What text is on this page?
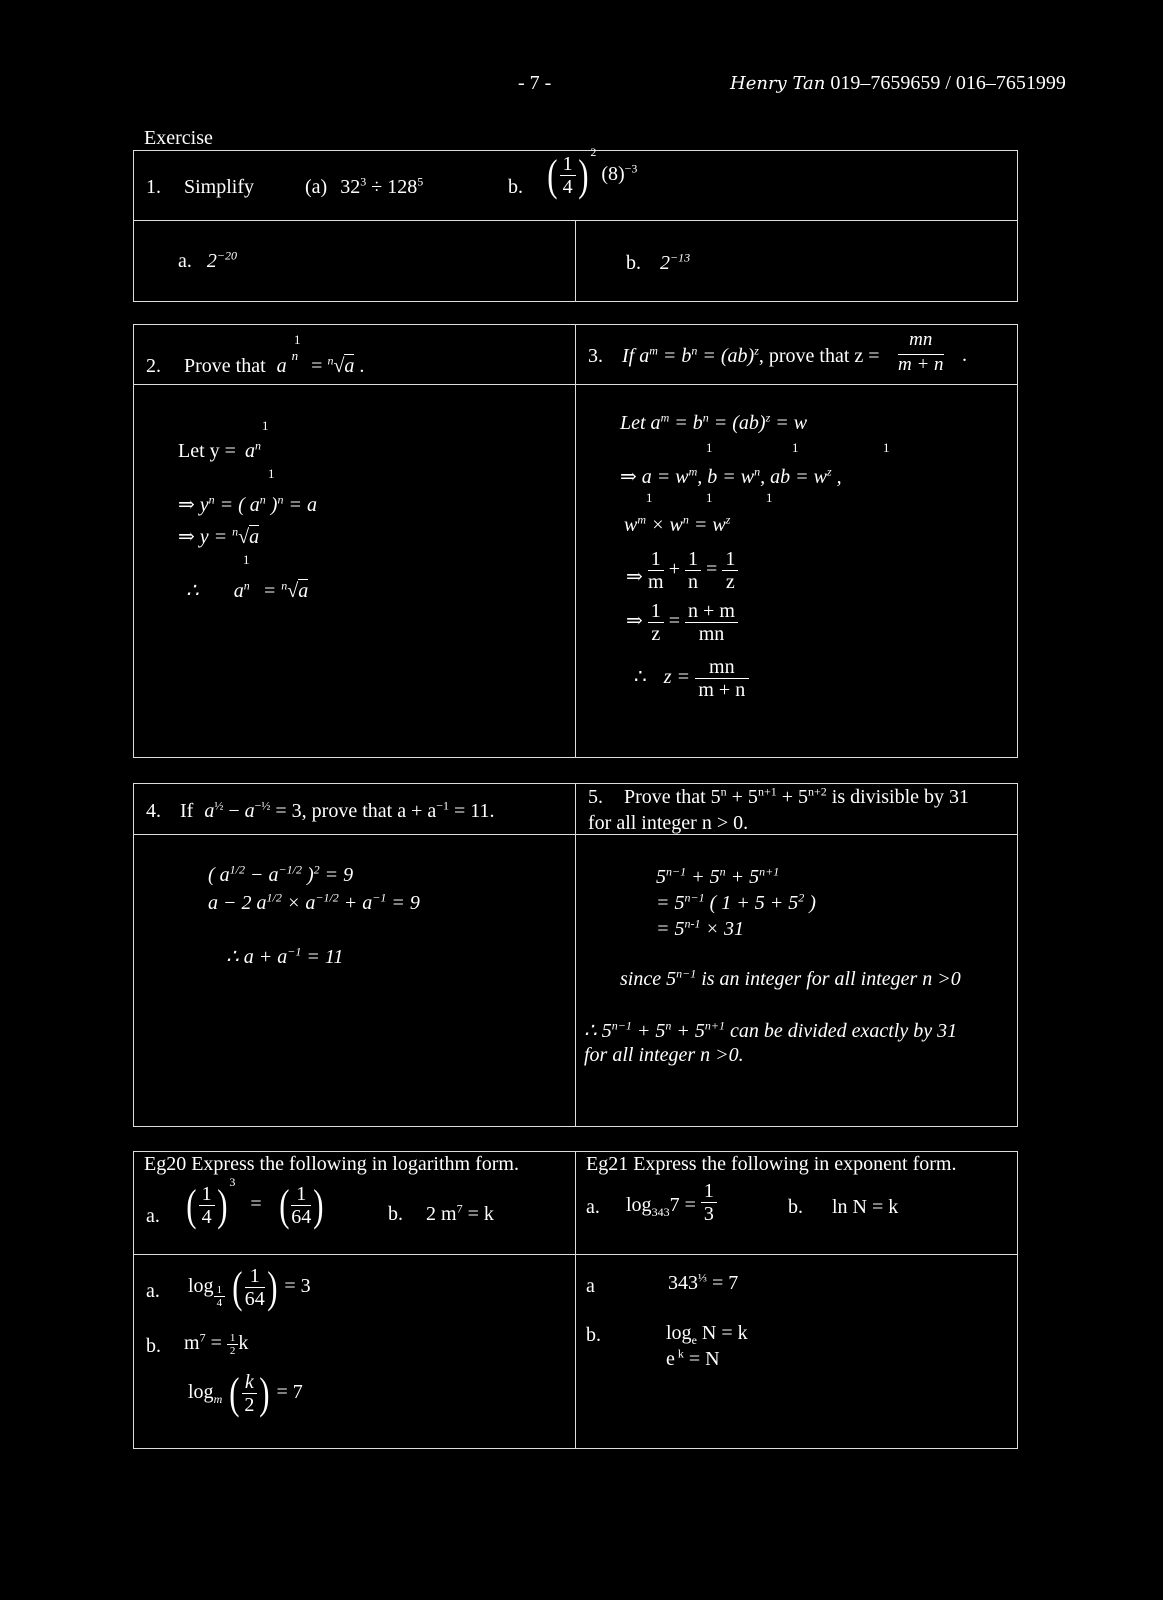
- 7 -	Henry Tan 019–7659659 / 016–7651999
Exercise
1. Simplify	(a) $32^3 \div 128^5$	b. ( $\frac{1}{4}$ ) $^2$ $(8)^{-3}$
a. $2^{-20}$	b. $2^{-13}$
2. Prove that a $^n$ = $^n$√a .
1
Let $y = a^n$
1
⇒ $y^n$ = ( $a^n$ )$^n$ = a
1
⇒ y = $^n$√a
∴ $a^n = ^n√a$
1
3. If $a^m = b^n = (ab)^z$, prove that $z = \frac{mn}{m + n}$ .
Let $a^m = b^n = (ab)^z = w$
⇒ $a = w^m$, $b = w^n$, ab = $w^z$ ,
1	1	1
$w^m \times w^n = w^z$
1	1	1
⇒ $\frac{1}{m} + \frac{1}{n} = \frac{1}{z}$
⇒ $\frac{1}{z} = \frac{n + m}{mn}$
∴ $z = \frac{mn}{m + n}$
4. If $a^{\frac{1}{2}} - a^{-\frac{1}{2}} = 3$, prove that $a + a^{-1} = 11$.
( $a^{1/2} - a^{-1/2}$ )$^2$ = 9
a − 2 $a^{1/2} \times a^{-1/2} + a^{-1} = 9$
∴ $a + a^{-1} = 11$
5. Prove that $5^n + 5^{n+1} + 5^{n+2}$ is divisible by 31
for all integer n > 0.
$5^{n-1} + 5^n + 5^{n+1}$
= $5^{n-1}$ ( $1 + 5 + 5^2$ )
= $5^{n-1} \times 31$
since $5^{n-1}$ is an integer for all integer n >0
∴ $5^{n-1} + 5^n + 5^{n+1}$ can be divided exactly by 31
for all integer n >0.
Eg20 Express the following in logarithm form.
a. ( $\frac{1}{4}$ ) $^3$ = ( $\frac{1}{64}$ )	b. 2 $m^7 = k$
a. $\log \frac{1}{4}$ ( $\frac{1}{64}$ ) = 3
b. $m^7 = \frac{1}{2}$ k
$\log_m$ ( $\frac{k}{2}$ ) = 7
Eg21 Express the following in exponent form.
a. $\log_{343}7 = \frac{1}{3}$	b. ln N = k
a	$343^{\frac{1}{3}} = 7$
b.	$\log_e N = k$
e $^k$ = N
